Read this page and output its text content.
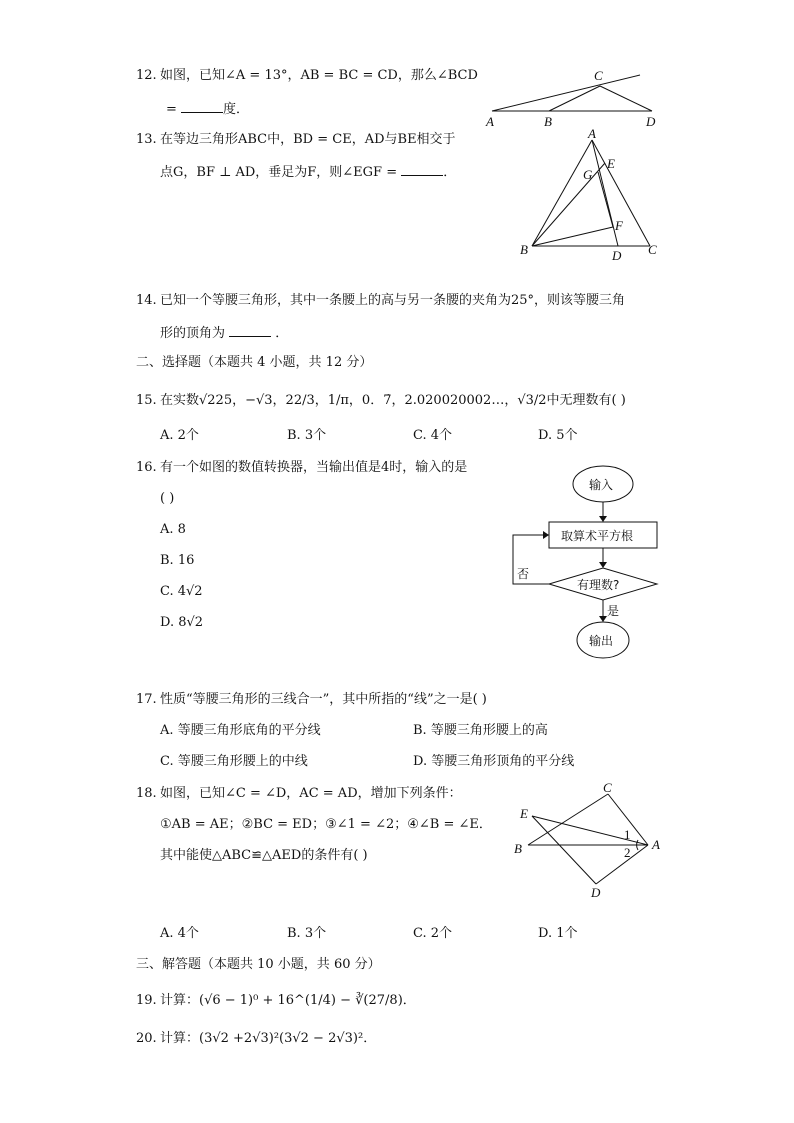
12. 如图，已知∠A = 13°，AB = BC = CD，那么∠BCD
=	度．
A	B
C
D
13. 在等边三角形ABC中，BD = CE，AD与BE相交于
点G，BF ⊥ AD，垂足为F，则∠EGF =	．
A
B	C
D
E
F
G
14. 已知一个等腰三角形，其中一条腰上的高与另一条腰的夹角为25°，则该等腰三角
形的顶角为	．
二、选择题（本题共 4 小题，共 12 分）
15. 在实数√225，−√3，22/3，1/π，0．7̇，2.020020002…，√3/2中无理数有( )
A. 2个	B. 3个	C. 4个	D. 5个
16. 有一个如图的数值转换器，当输出值是4时，输入的是
( )
A. 8
B. 16
C. 4√2
D. 8√2
输入
取算术平方根
有理数?
否
是
输出
17. 性质“等腰三角形的三线合一”，其中所指的“线”之一是( )
A. 等腰三角形底角的平分线	B. 等腰三角形腰上的高
C. 等腰三角形腰上的中线	D. 等腰三角形顶角的平分线
18. 如图，已知∠C = ∠D，AC = AD，增加下列条件：
①AB = AE；②BC = ED；③∠1 = ∠2；④∠B = ∠E．
其中能使△ABC≌△AED的条件有( )
A
B
C
D
E
1
2
A. 4个	B. 3个	C. 2个	D. 1个
三、解答题（本题共 10 小题，共 60 分）
19. 计算：(√6 − 1)⁰ + 16^(1/4) − ∛(27/8)．
20. 计算：(3√2 +2√3)²(3√2 − 2√3)²．
